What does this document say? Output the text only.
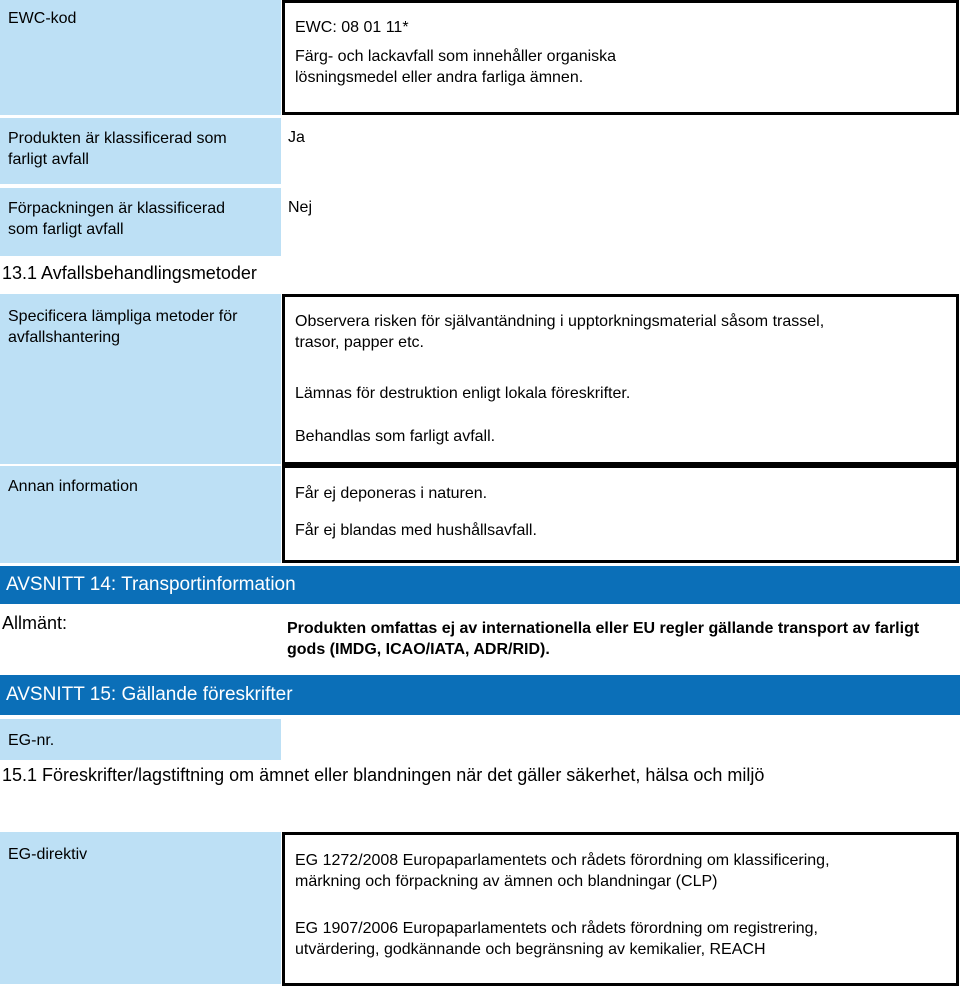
EWC-kod
EWC: 08 01 11*
Färg- och lackavfall som innehåller organiska
lösningsmedel eller andra farliga ämnen.
Produkten är klassificerad som
farligt avfall
Ja
Förpackningen är klassificerad
som farligt avfall
Nej
13.1 Avfallsbehandlingsmetoder
Specificera lämpliga metoder för
avfallshantering
Annan information
Observera risken för självantändning i upptorkningsmaterial såsom trassel,
trasor, papper etc.
Lämnas för destruktion enligt lokala föreskrifter.
Behandlas som farligt avfall.
Får ej deponeras i naturen.
Får ej blandas med hushållsavfall.
AVSNITT 14: Transportinformation
Allmänt:	Produkten omfattas ej av internationella eller EU regler gällande transport av farligt
gods (IMDG, ICAO/IATA, ADR/RID).
AVSNITT 15: Gällande föreskrifter
EG-nr.
15.1 Föreskrifter/lagstiftning om ämnet eller blandningen när det gäller säkerhet, hälsa och miljö
EG-direktiv	EG 1272/2008 Europaparlamentets och rådets förordning om klassificering,
märkning och förpackning av ämnen och blandningar (CLP)
EG 1907/2006 Europaparlamentets och rådets förordning om registrering,
utvärdering, godkännande och begränsning av kemikalier, REACH
